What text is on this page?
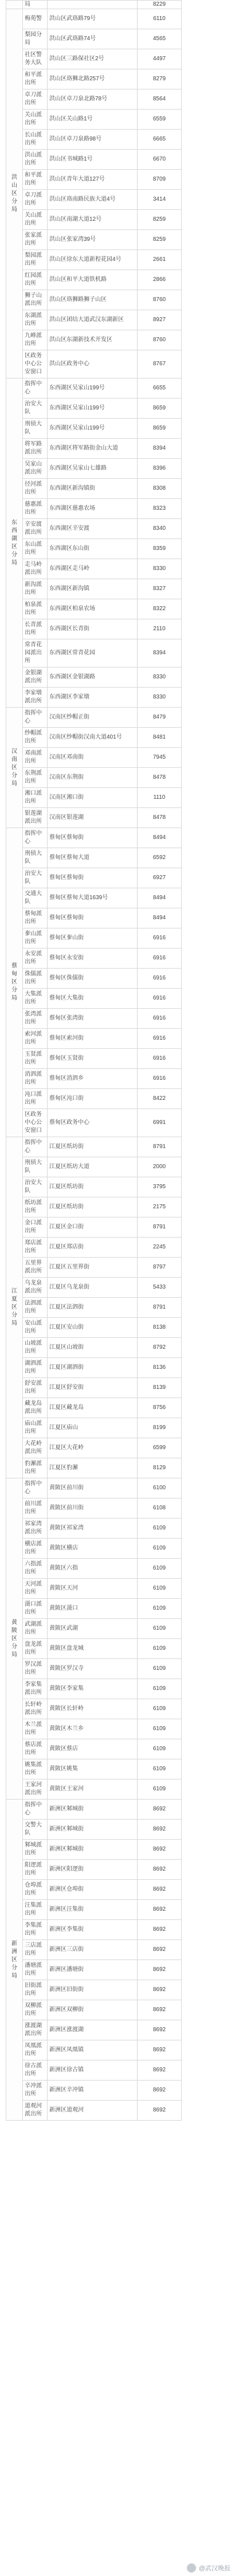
	局		8229
洪山区分局	梅苑警	洪山区武珞路79号	6110
	梨园分局	洪山区武珞路74号	4565
	社区警务大队	洪山区三路保社区2号	4497
	和平派出所	洪山区珞狮北路257号	8279
	卓刀派出所	洪山区卓刀泉北路78号	8564
	关山派出所	洪山区关山路1号	6559
	长山派出所	洪山区卓刀泉路98号	6665
	洪山派出所	洪山区书城路1号	6670
	和平派出所	洪山区青年大道127号	8709
	卓刀派出所	洪山区珞南路民族大道4号	3414
	关山派出所	洪山区南湖大道12号	8259
	张家派出所	洪山区张家湾39号	8259
	梨园派出所	洪山区徐东大道新程花园4号	2661
	红园派出所	洪山区和平大道铁机路	2866
	狮子山派出所	洪山区珞狮路狮子山区	8760
	东湖派出所	洪山区团结大道武汉东湖新区	8927
	九峰派出所	洪山区东湖新技术开发区	8760
	区政务中心公安窗口	洪山区政务中心	8767
东西湖区分局	指挥中心	东西湖区吴家山199号	6655
	治安大队	东西湖区吴家山199号	8659
	刑侦大队	东西湖区吴家山199号	8659
	将军路派出所	东西湖区将军路街金山大道	8394
	吴家山派出所	东西湖区吴家山七雄路	8396
	径河派出所	东西湖区新沟镇街	8308
	慈惠派出所	东西湖区慈惠农场	8323
	辛安渡派出所	东西湖区辛安渡	8340
	东山派出所	东西湖区东山街	8359
	走马岭派出所	东西湖区走马岭	8330
	新沟派出所	东西湖区新沟镇	8327
	柏泉派出所	东西湖区柏泉农场	8322
	长青派出所	东西湖区长青街	2110
	常青花园派出所	东西湖区常青花园	8394
	金银湖派出所	东西湖区金银湖路	8330
	李家墩派出所	东西湖区李家墩	8330
汉南区分局	指挥中心	汉南区纱帽正街	8479
	纱帽派出所	汉南区纱帽街汉南大道401号	8481
	邓南派出所	汉南区邓南街	7945
	东荆派出所	汉南区东荆街	8478
	湘口派出所	汉南区湘口街	1110
	银莲湖派出所	汉南区银莲湖	8478
蔡甸区分局	指挥中心	蔡甸区蔡甸街	8494
	刑侦大队	蔡甸区蔡甸大道	6592
	治安大队	蔡甸区蔡甸街	6927
	交通大队	蔡甸区蔡甸大道1639号	8494
	蔡甸派出所	蔡甸区蔡甸街	8494
	奓山派出所	蔡甸区奓山街	6916
	永安派出所	蔡甸区永安街	6916
	侏儒派出所	蔡甸区侏儒街	6916
	大集派出所	蔡甸区大集街	6916
	张湾派出所	蔡甸区张湾街	6916
	索河派出所	蔡甸区索河街	6916
	玉贤派出所	蔡甸区玉贤街	6916
	消泗派出所	蔡甸区消泗乡	6916
	沌口派出所	蔡甸区沌口街	8422
	区政务中心公安窗口	蔡甸区政务中心	6991
江夏区分局	指挥中心	江夏区纸坊街	8791
	刑侦大队	江夏区纸坊大道	2000
	治安大队	江夏区纸坊街	3795
	纸坊派出所	江夏区纸坊街	2175
	金口派出所	江夏区金口街	8791
	郑店派出所	江夏区郑店街	2245
	五里界派出所	江夏区五里界街	8797
	乌龙泉派出所	江夏区乌龙泉街	5433
	法泗派出所	江夏区法泗街	8791
	安山派出所	江夏区安山街	8138
	山坡派出所	江夏区山坡街	8792
	湖泗派出所	江夏区湖泗街	8136
	舒安派出所	江夏区舒安街	8139
	藏龙岛派出所	江夏区藏龙岛	8756
	庙山派出所	江夏区庙山	8199
	大花岭派出所	江夏区大花岭	6599
	豹澥派出所	江夏区豹澥	8129
黄陂区分局	指挥中心	黄陂区前川街	6100
	前川派出所	黄陂区前川街	6108
	祁家湾派出所	黄陂区祁家湾	6109
	横店派出所	黄陂区横店	6109
	六指派出所	黄陂区六指	6109
	天河派出所	黄陂区天河	6109
	滠口派出所	黄陂区滠口	6109
	武湖派出所	黄陂区武湖	6109
	盘龙派出所	黄陂区盘龙城	6109
	罗汉派出所	黄陂区罗汉寺	6109
	李家集派出所	黄陂区李家集	6109
	长轩岭派出所	黄陂区长轩岭	6109
	木兰派出所	黄陂区木兰乡	6109
	蔡店派出所	黄陂区蔡店	6109
	姚集派出所	黄陂区姚集	6109
	王家河派出所	黄陂区王家河	6109
新洲区分局	指挥中心	新洲区邾城街	8692
	交警大队	新洲区邾城街	8692
	邾城派出所	新洲区邾城街	8692
	阳逻派出所	新洲区阳逻街	8692
	仓埠派出所	新洲区仓埠街	8692
	汪集派出所	新洲区汪集街	8692
	李集派出所	新洲区李集街	8692
	三店派出所	新洲区三店街	8692
	潘塘派出所	新洲区潘塘街	8692
	旧街派出所	新洲区旧街街	8692
	双柳派出所	新洲区双柳街	8692
	涨渡湖派出所	新洲区涨渡湖	8692
	凤凰派出所	新洲区凤凰镇	8692
	徐古派出所	新洲区徐古镇	8692
	辛冲派出所	新洲区辛冲镇	8692
	道观河派出所	新洲区道观河	8692
@武汉晚报
